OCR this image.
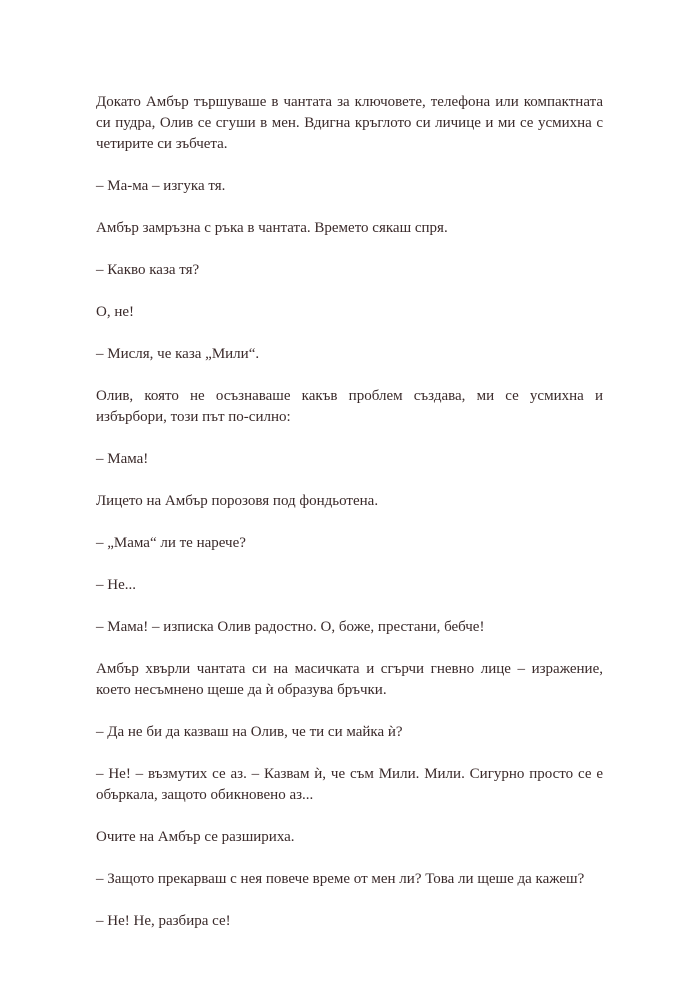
Докато Амбър тършуваше в чантата за ключовете, телефона или компактната си пудра, Олив се сгуши в мен. Вдигна кръглото си личице и ми се усмихна с четирите си зъбчета.

– Ма-ма – изгука тя.

Амбър замръзна с ръка в чантата. Времето сякаш спря.

– Какво каза тя?

О, не!

– Мисля, че каза „Мили“.

Олив, която не осъзнаваше какъв проблем създава, ми се усмихна и избърбори, този път по-силно:

– Мама!

Лицето на Амбър порозовя под фондьотена.

– „Мама“ ли те нарече?

– Не...

– Мама! – изписка Олив радостно. О, боже, престани, бебче!

Амбър хвърли чантата си на масичката и сгърчи гневно лице – изражение, което несъмнено щеше да ѝ образува бръчки.

– Да не би да казваш на Олив, че ти си майка ѝ?

– Не! – възмутих се аз. – Казвам ѝ, че съм Мили. Мили. Сигурно просто се е объркала, защото обикновено аз...

Очите на Амбър се разшириха.

– Защото прекарваш с нея повече време от мен ли? Това ли щеше да кажеш?

– Не! Не, разбира се!
